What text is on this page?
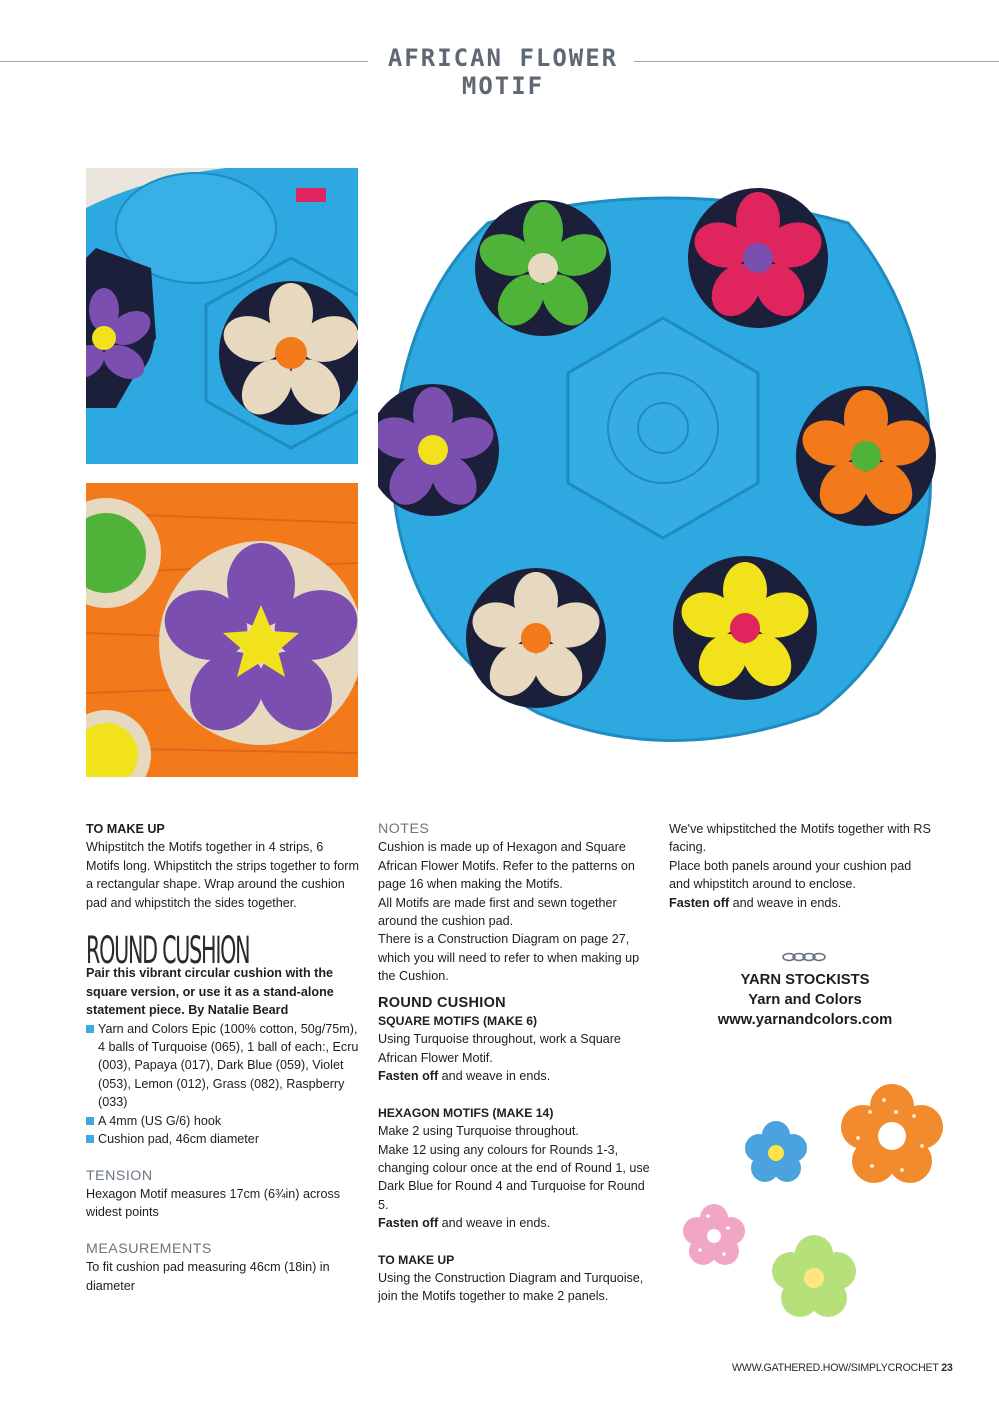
AFRICAN FLOWER MOTIF

TO MAKE UP

Whipstitch the Motifs together in 4 strips, 6 Motifs long. Whipstitch the strips together to form a rectangular shape. Wrap around the cushion pad and whipstitch the sides together.

ROUND CUSHION

Pair this vibrant circular cushion with the square version, or use it as a stand-alone statement piece. By Natalie Beard

Yarn and Colors Epic (100% cotton, 50g/75m), 4 balls of Turquoise (065), 1 ball of each:, Ecru (003), Papaya (017), Dark Blue (059), Violet (053), Lemon (012), Grass (082), Raspberry (033)
A 4mm (US G/6) hook
Cushion pad, 46cm diameter

TENSION

Hexagon Motif measures 17cm (6¾in) across widest points

MEASUREMENTS

To fit cushion pad measuring 46cm (18in) in diameter

NOTES

Cushion is made up of Hexagon and Square African Flower Motifs. Refer to the patterns on page 16 when making the Motifs.

All Motifs are made first and sewn together around the cushion pad.

There is a Construction Diagram on page 27, which you will need to refer to when making up the Cushion.

ROUND CUSHION

SQUARE MOTIFS (MAKE 6)

Using Turquoise throughout, work a Square African Flower Motif.

Fasten off and weave in ends.

HEXAGON MOTIFS (MAKE 14)

Make 2 using Turquoise throughout.

Make 12 using any colours for Rounds 1-3, changing colour once at the end of Round 1, use Dark Blue for Round 4 and Turquoise for Round 5.

Fasten off and weave in ends.

TO MAKE UP

Using the Construction Diagram and Turquoise, join the Motifs together to make 2 panels.

We've whipstitched the Motifs together with RS facing.

Place both panels around your cushion pad and whipstitch around to enclose.

Fasten off and weave in ends.

YARN STOCKISTS
Yarn and Colors
www.yarnandcolors.com
WWW.GATHERED.HOW/SIMPLYCROCHET 23
